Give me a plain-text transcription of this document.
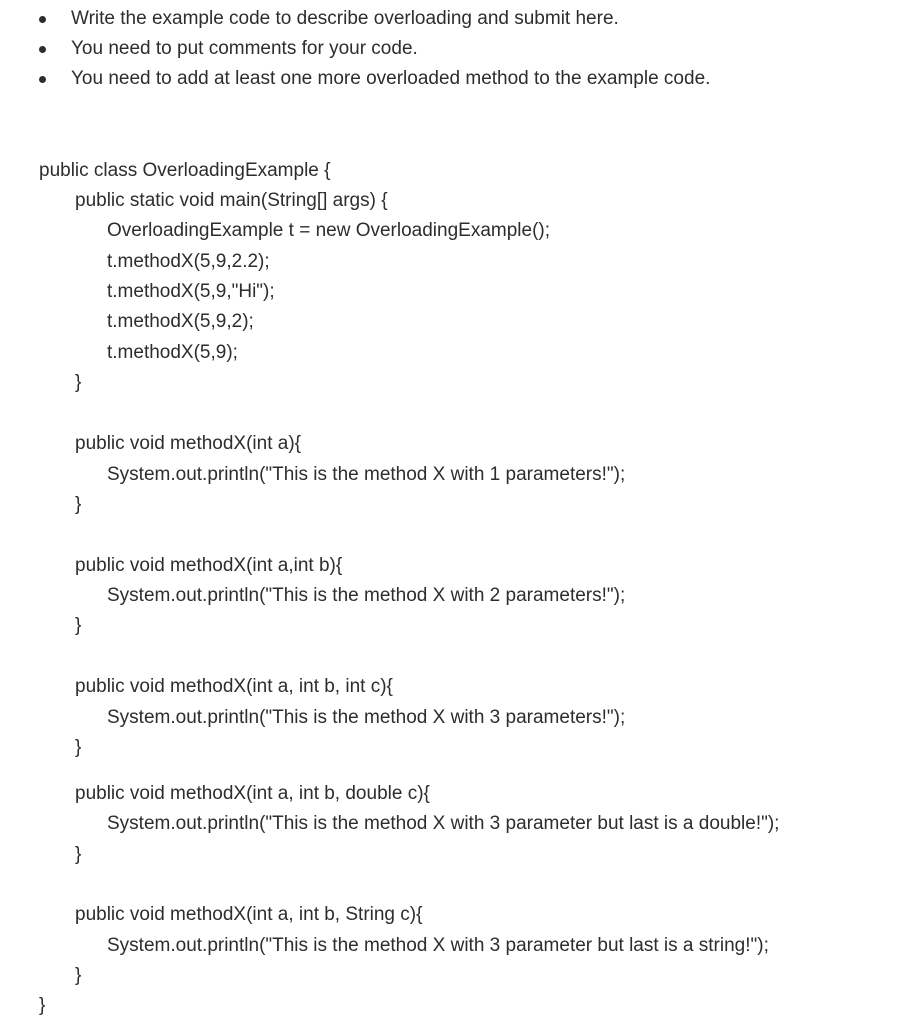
Write the example code to describe overloading and submit here.
You need to put comments for your code.
You need to add at least one more overloaded method to the example code.
public class OverloadingExample {
public static void main(String[] args) {
OverloadingExample t = new OverloadingExample();
t.methodX(5,9,2.2);
t.methodX(5,9,"Hi");
t.methodX(5,9,2);
t.methodX(5,9);
}
public void methodX(int a){
System.out.println("This is the method X with 1 parameters!");
}
public void methodX(int a,int b){
System.out.println("This is the method X with 2 parameters!");
}
public void methodX(int a, int b, int c){
System.out.println("This is the method X with 3 parameters!");
}
public void methodX(int a, int b, double c){
System.out.println("This is the method X with 3 parameter but last is a double!");
}
public void methodX(int a, int b, String c){
System.out.println("This is the method X with 3 parameter but last is a string!");
}
}
